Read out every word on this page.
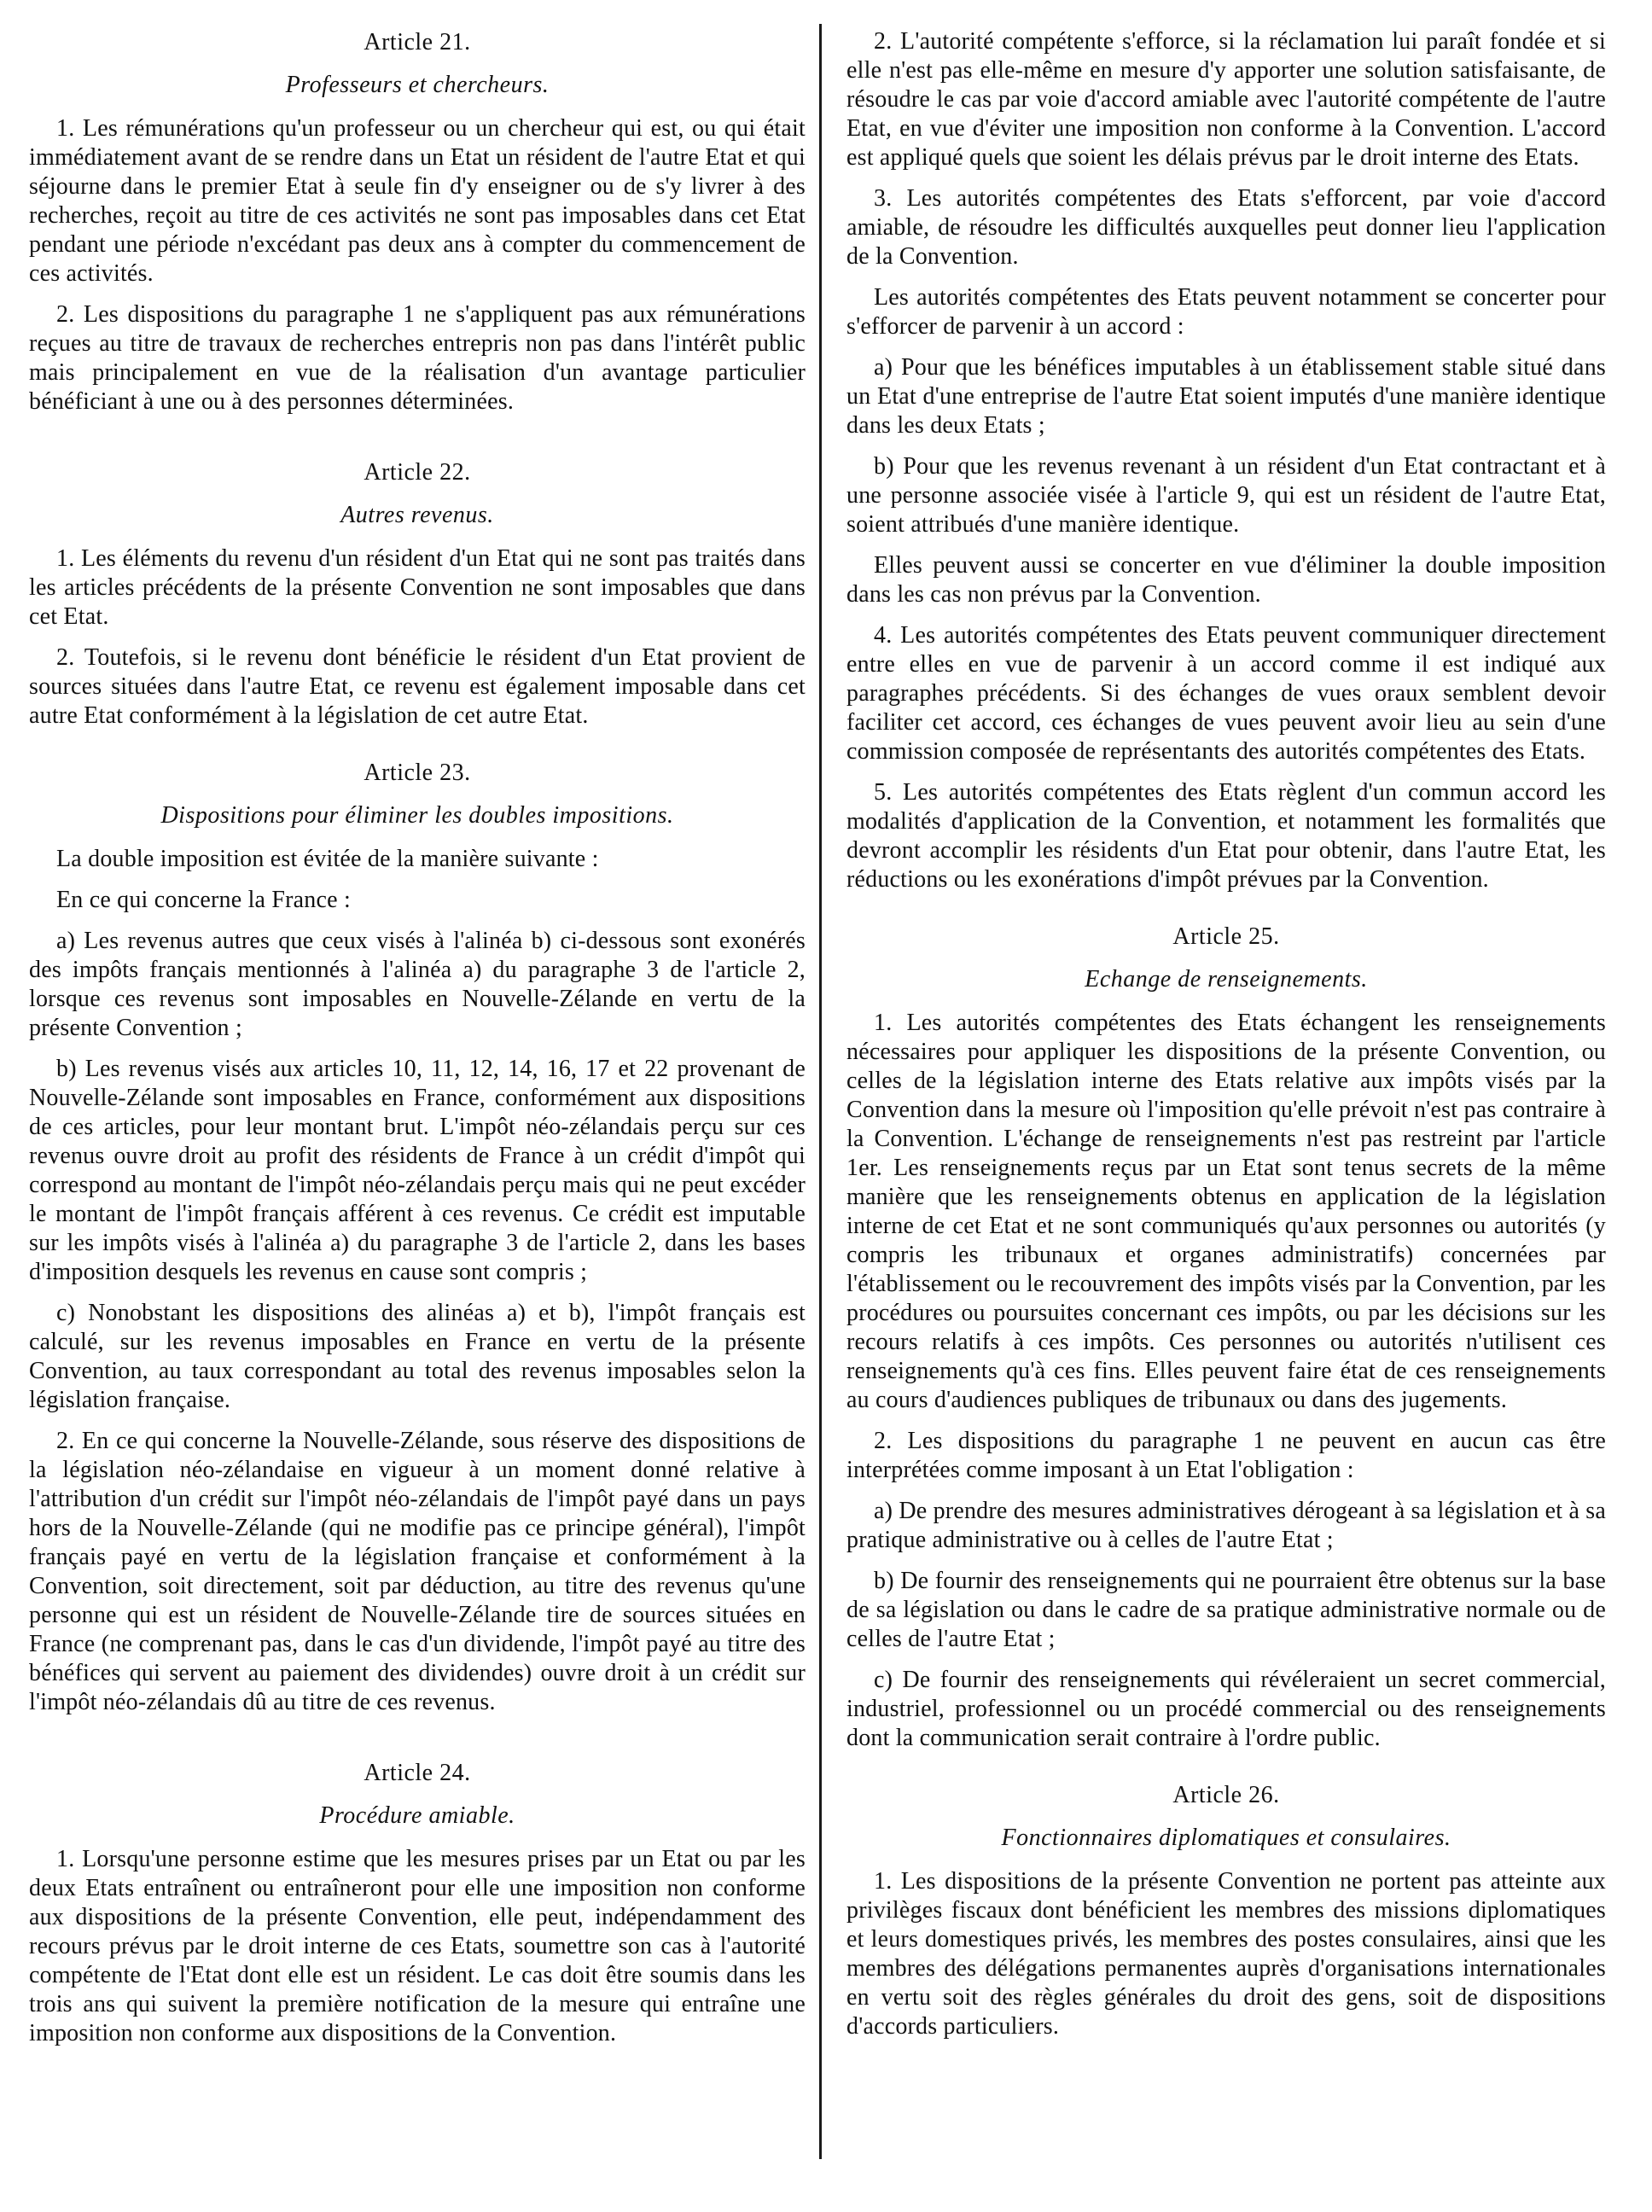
Article 21.
Professeurs et chercheurs.

1. Les rémunérations qu'un professeur ou un chercheur qui est, ou qui était immédiatement avant de se rendre dans un Etat un résident de l'autre Etat et qui séjourne dans le premier Etat à seule fin d'y enseigner ou de s'y livrer à des recherches, reçoit au titre de ces activités ne sont pas imposables dans cet Etat pendant une période n'excédant pas deux ans à compter du commencement de ces activités.

2. Les dispositions du paragraphe 1 ne s'appliquent pas aux rémunérations reçues au titre de travaux de recherches entrepris non pas dans l'intérêt public mais principalement en vue de la réalisation d'un avantage particulier bénéficiant à une ou à des personnes déterminées.

Article 22.
Autres revenus.

1. Les éléments du revenu d'un résident d'un Etat qui ne sont pas traités dans les articles précédents de la présente Convention ne sont imposables que dans cet Etat.

2. Toutefois, si le revenu dont bénéficie le résident d'un Etat provient de sources situées dans l'autre Etat, ce revenu est également imposable dans cet autre Etat conformément à la législation de cet autre Etat.

Article 23.
Dispositions pour éliminer les doubles impositions.

La double imposition est évitée de la manière suivante :

En ce qui concerne la France :

a) Les revenus autres que ceux visés à l'alinéa b) ci-dessous sont exonérés des impôts français mentionnés à l'alinéa a) du paragraphe 3 de l'article 2, lorsque ces revenus sont imposables en Nouvelle-Zélande en vertu de la présente Convention ;

b) Les revenus visés aux articles 10, 11, 12, 14, 16, 17 et 22 provenant de Nouvelle-Zélande sont imposables en France, conformément aux dispositions de ces articles, pour leur montant brut. L'impôt néo-zélandais perçu sur ces revenus ouvre droit au profit des résidents de France à un crédit d'impôt qui correspond au montant de l'impôt néo-zélandais perçu mais qui ne peut excéder le montant de l'impôt français afférent à ces revenus. Ce crédit est imputable sur les impôts visés à l'alinéa a) du paragraphe 3 de l'article 2, dans les bases d'imposition desquels les revenus en cause sont compris ;

c) Nonobstant les dispositions des alinéas a) et b), l'impôt français est calculé, sur les revenus imposables en France en vertu de la présente Convention, au taux correspondant au total des revenus imposables selon la législation française.

2. En ce qui concerne la Nouvelle-Zélande, sous réserve des dispositions de la législation néo-zélandaise en vigueur à un moment donné relative à l'attribution d'un crédit sur l'impôt néo-zélandais de l'impôt payé dans un pays hors de la Nouvelle-Zélande (qui ne modifie pas ce principe général), l'impôt français payé en vertu de la législation française et conformément à la Convention, soit directement, soit par déduction, au titre des revenus qu'une personne qui est un résident de Nouvelle-Zélande tire de sources situées en France (ne comprenant pas, dans le cas d'un dividende, l'impôt payé au titre des bénéfices qui servent au paiement des dividendes) ouvre droit à un crédit sur l'impôt néo-zélandais dû au titre de ces revenus.

Article 24.
Procédure amiable.

1. Lorsqu'une personne estime que les mesures prises par un Etat ou par les deux Etats entraînent ou entraîneront pour elle une imposition non conforme aux dispositions de la présente Convention, elle peut, indépendamment des recours prévus par le droit interne de ces Etats, soumettre son cas à l'autorité compétente de l'Etat dont elle est un résident. Le cas doit être soumis dans les trois ans qui suivent la première notification de la mesure qui entraîne une imposition non conforme aux dispositions de la Convention.

2. L'autorité compétente s'efforce, si la réclamation lui paraît fondée et si elle n'est pas elle-même en mesure d'y apporter une solution satisfaisante, de résoudre le cas par voie d'accord amiable avec l'autorité compétente de l'autre Etat, en vue d'éviter une imposition non conforme à la Convention. L'accord est appliqué quels que soient les délais prévus par le droit interne des Etats.

3. Les autorités compétentes des Etats s'efforcent, par voie d'accord amiable, de résoudre les difficultés auxquelles peut donner lieu l'application de la Convention.

Les autorités compétentes des Etats peuvent notamment se concerter pour s'efforcer de parvenir à un accord :

a) Pour que les bénéfices imputables à un établissement stable situé dans un Etat d'une entreprise de l'autre Etat soient imputés d'une manière identique dans les deux Etats ;

b) Pour que les revenus revenant à un résident d'un Etat contractant et à une personne associée visée à l'article 9, qui est un résident de l'autre Etat, soient attribués d'une manière identique.

Elles peuvent aussi se concerter en vue d'éliminer la double imposition dans les cas non prévus par la Convention.

4. Les autorités compétentes des Etats peuvent communiquer directement entre elles en vue de parvenir à un accord comme il est indiqué aux paragraphes précédents. Si des échanges de vues oraux semblent devoir faciliter cet accord, ces échanges de vues peuvent avoir lieu au sein d'une commission composée de représentants des autorités compétentes des Etats.

5. Les autorités compétentes des Etats règlent d'un commun accord les modalités d'application de la Convention, et notamment les formalités que devront accomplir les résidents d'un Etat pour obtenir, dans l'autre Etat, les réductions ou les exonérations d'impôt prévues par la Convention.

Article 25.
Echange de renseignements.

1. Les autorités compétentes des Etats échangent les renseignements nécessaires pour appliquer les dispositions de la présente Convention, ou celles de la législation interne des Etats relative aux impôts visés par la Convention dans la mesure où l'imposition qu'elle prévoit n'est pas contraire à la Convention. L'échange de renseignements n'est pas restreint par l'article 1er. Les renseignements reçus par un Etat sont tenus secrets de la même manière que les renseignements obtenus en application de la législation interne de cet Etat et ne sont communiqués qu'aux personnes ou autorités (y compris les tribunaux et organes administratifs) concernées par l'établissement ou le recouvrement des impôts visés par la Convention, par les procédures ou poursuites concernant ces impôts, ou par les décisions sur les recours relatifs à ces impôts. Ces personnes ou autorités n'utilisent ces renseignements qu'à ces fins. Elles peuvent faire état de ces renseignements au cours d'audiences publiques de tribunaux ou dans des jugements.

2. Les dispositions du paragraphe 1 ne peuvent en aucun cas être interprétées comme imposant à un Etat l'obligation :

a) De prendre des mesures administratives dérogeant à sa législation et à sa pratique administrative ou à celles de l'autre Etat ;

b) De fournir des renseignements qui ne pourraient être obtenus sur la base de sa législation ou dans le cadre de sa pratique administrative normale ou de celles de l'autre Etat ;

c) De fournir des renseignements qui révéleraient un secret commercial, industriel, professionnel ou un procédé commercial ou des renseignements dont la communication serait contraire à l'ordre public.

Article 26.
Fonctionnaires diplomatiques et consulaires.

1. Les dispositions de la présente Convention ne portent pas atteinte aux privilèges fiscaux dont bénéficient les membres des missions diplomatiques et leurs domestiques privés, les membres des postes consulaires, ainsi que les membres des délégations permanentes auprès d'organisations internationales en vertu soit des règles générales du droit des gens, soit de dispositions d'accords particuliers.
